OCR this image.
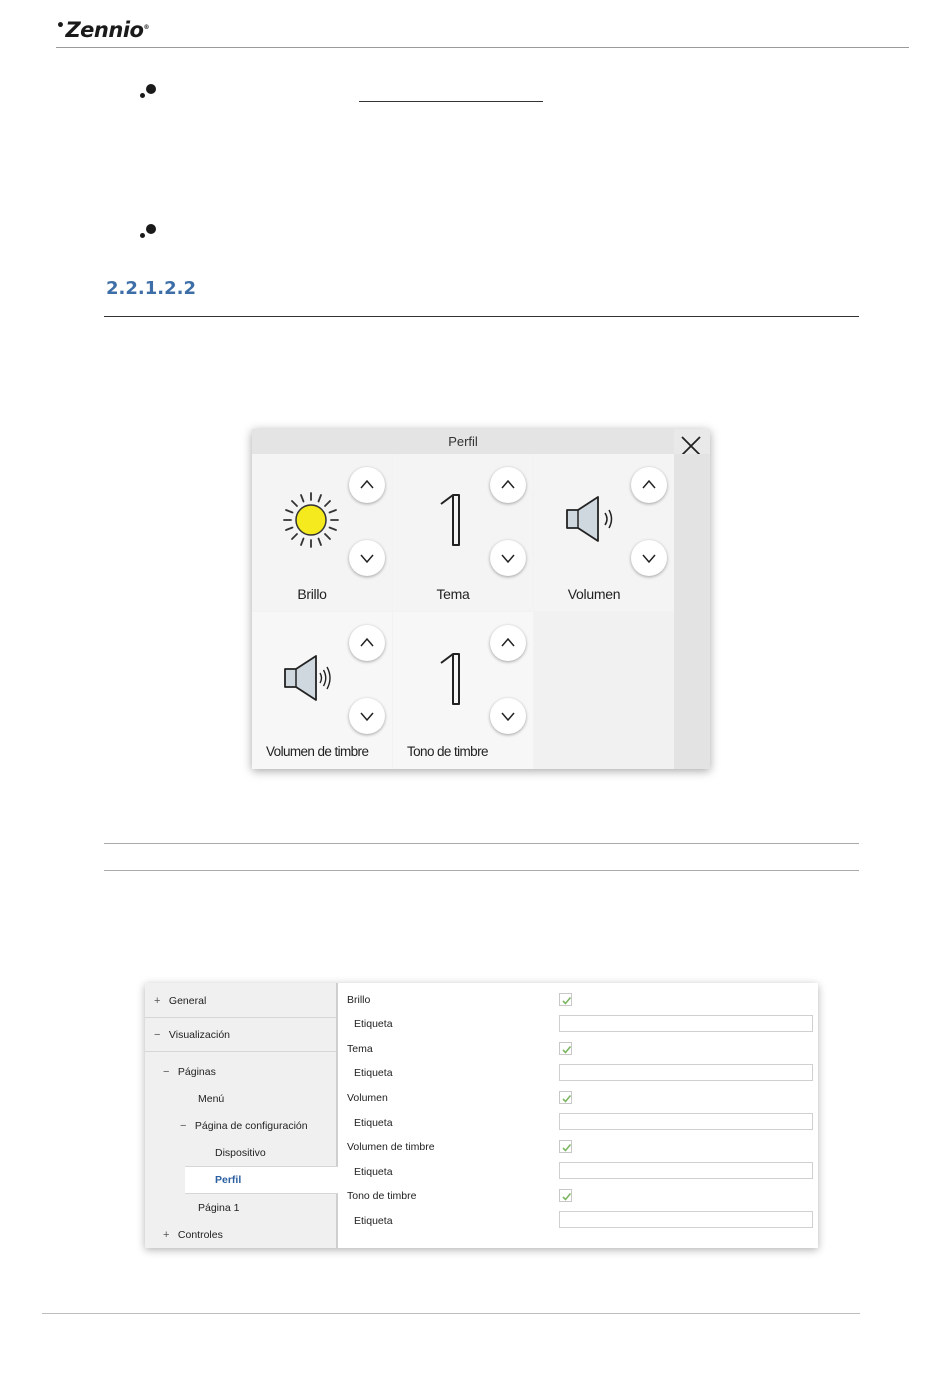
•Zennio®
2.2.1.2.2
Perfil
Brillo	Tema	Volumen
Volumen de timbre	Tono de timbre
+ General
− Visualización
− Páginas
Menú
− Página de configuración
Dispositivo
Perfil
Página 1
+ Controles
Brillo
Etiqueta
Tema
Etiqueta
Volumen
Etiqueta
Volumen de timbre
Etiqueta
Tono de timbre
Etiqueta
